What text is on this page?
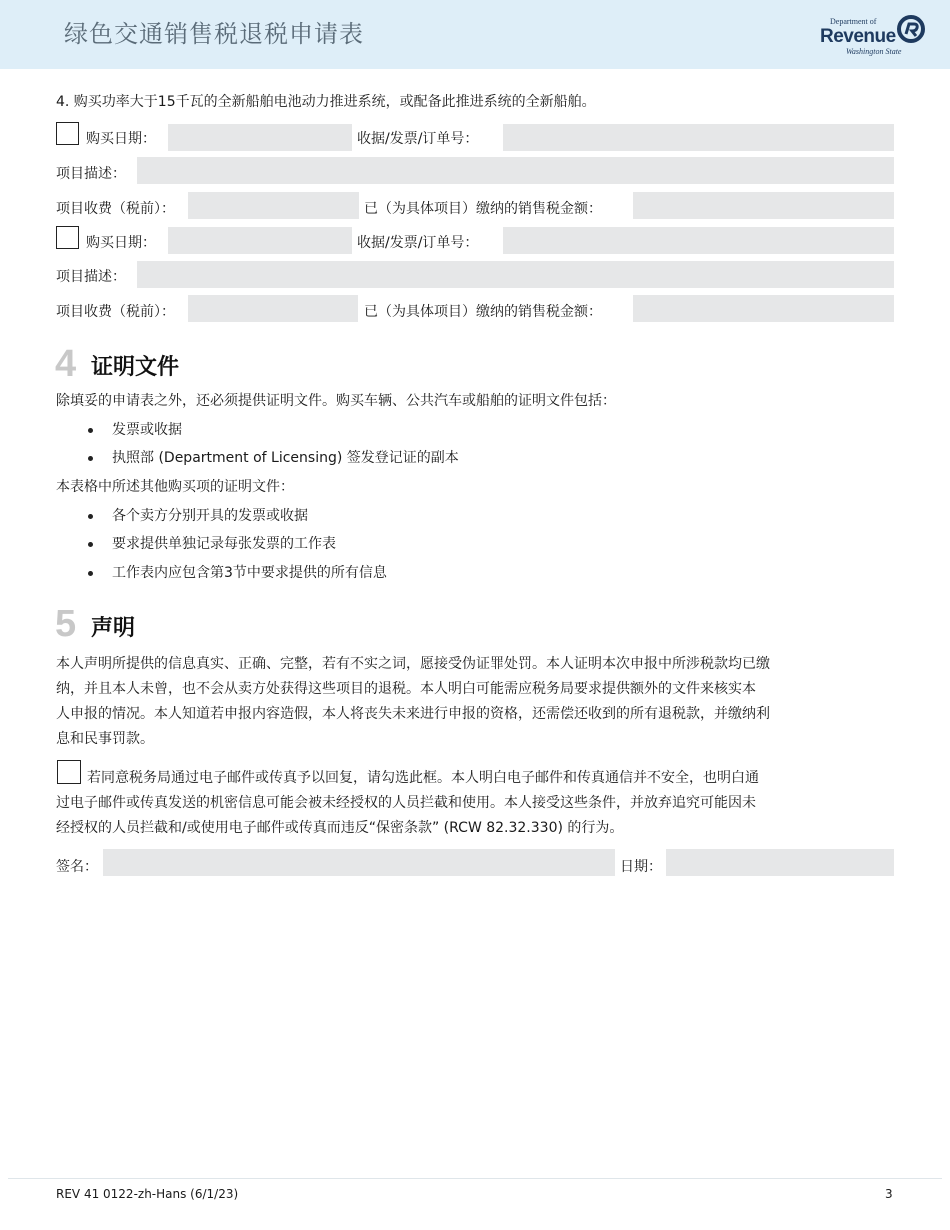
绿色交通销售税退税申请表	Department of
Revenue
Washington State
4. 购买功率大于15千瓦的全新船舶电池动力推进系统，或配备此推进系统的全新船舶。
购买日期：	收据/发票/订单号：
项目描述：
项目收费（税前）：	已（为具体项目）缴纳的销售税金额：
购买日期：	收据/发票/订单号：
项目描述：
项目收费（税前）：	已（为具体项目）缴纳的销售税金额：
4 证明文件
除填妥的申请表之外，还必须提供证明文件。购买车辆、公共汽车或船舶的证明文件包括：
发票或收据
执照部 (Department of Licensing) 签发登记证的副本
本表格中所述其他购买项的证明文件：
各个卖方分别开具的发票或收据
要求提供单独记录每张发票的工作表
工作表内应包含第3节中要求提供的所有信息
5 声明
本人声明所提供的信息真实、正确、完整，若有不实之词，愿接受伪证罪处罚。本人证明本次申报中所涉税款均已缴
纳，并且本人未曾，也不会从卖方处获得这些项目的退税。本人明白可能需应税务局要求提供额外的文件来核实本
人申报的情况。本人知道若申报内容造假，本人将丧失未来进行申报的资格，还需偿还收到的所有退税款，并缴纳利
息和民事罚款。
若同意税务局通过电子邮件或传真予以回复，请勾选此框。本人明白电子邮件和传真通信并不安全，也明白通
过电子邮件或传真发送的机密信息可能会被未经授权的人员拦截和使用。本人接受这些条件，并放弃追究可能因未
经授权的人员拦截和/或使用电子邮件或传真而违反“保密条款” (RCW 82.32.330) 的行为。
签名：	日期：
REV 41 0122-zh-Hans (6/1/23)	3
